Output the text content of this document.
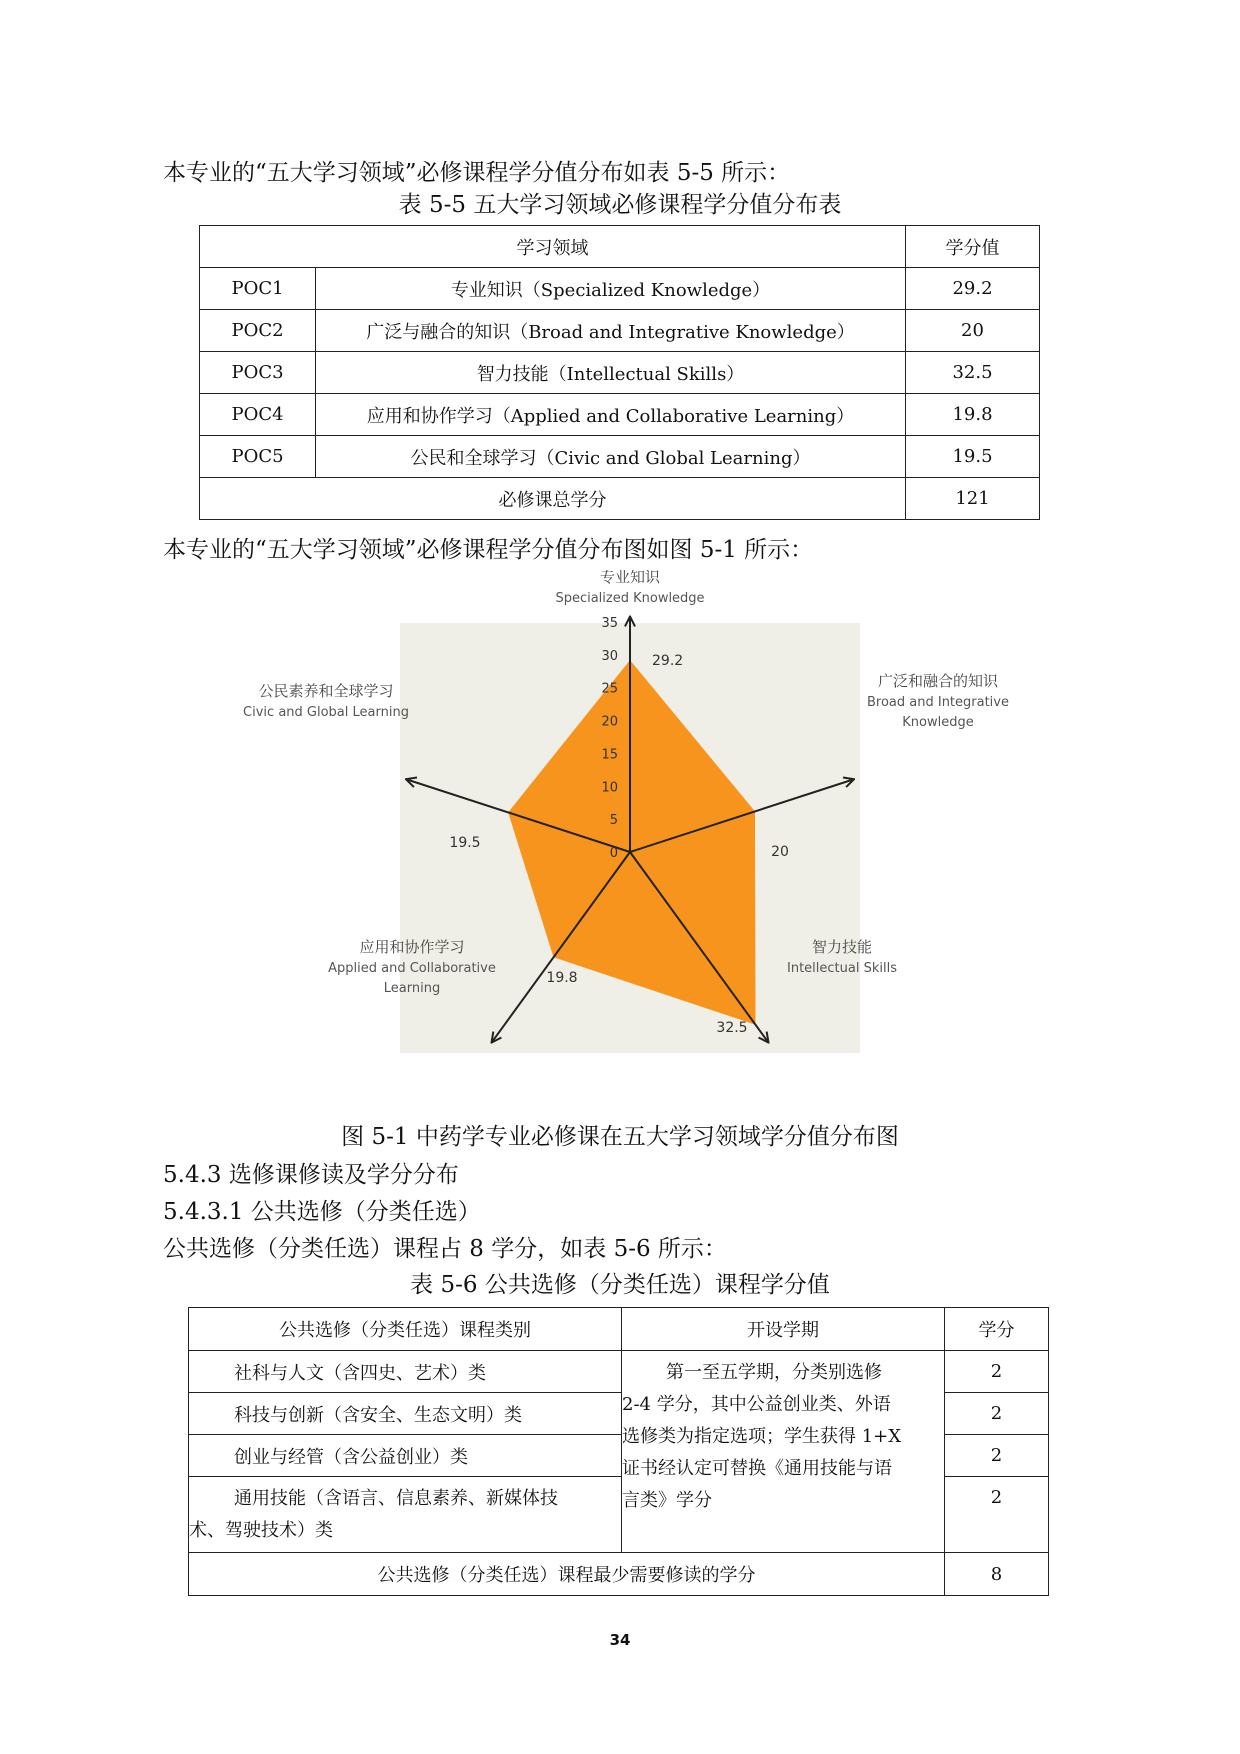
本专业的“五大学习领域”必修课程学分值分布如表 5-5 所示：
表 5-5 五大学习领域必修课程学分值分布表
学习领域		学分值
POC1	专业知识（Specialized Knowledge）	29.2
POC2	广泛与融合的知识（Broad and Integrative Knowledge）	20
POC3	智力技能（Intellectual Skills）	32.5
POC4	应用和协作学习（Applied and Collaborative Learning）	19.8
POC5	公民和全球学习（Civic and Global Learning）	19.5
必修课总学分		121
本专业的“五大学习领域”必修课程学分值分布图如图 5-1 所示：
0
5
10
15
20
25
30
35
29.2
20
32.5
19.8
19.5
专业知识
Specialized Knowledge
广泛和融合的知识
Broad and Integrative
Knowledge
智力技能
Intellectual Skills
应用和协作学习
Applied and Collaborative
Learning
公民素养和全球学习
Civic and Global Learning
图 5-1 中药学专业必修课在五大学习领域学分值分布图
5.4.3 选修课修读及学分分布
5.4.3.1 公共选修（分类任选）
公共选修（分类任选）课程占 8 学分，如表 5-6 所示：
表 5-6 公共选修（分类任选）课程学分值
公共选修（分类任选）课程类别	开设学期	学分
社科与人文（含四史、艺术）类	第一至五学期，分类别选修
2-4 学分，其中公益创业类、外语
选修类为指定选项；学生获得 1+X
证书经认定可替换《通用技能与语
言类》学分	2
科技与创新（含安全、生态文明）类		2
创业与经管（含公益创业）类		2

通用技能（含语言、信息素养、新媒体技
术、驾驶技术）类		2
公共选修（分类任选）课程最少需要修读的学分		8
34
